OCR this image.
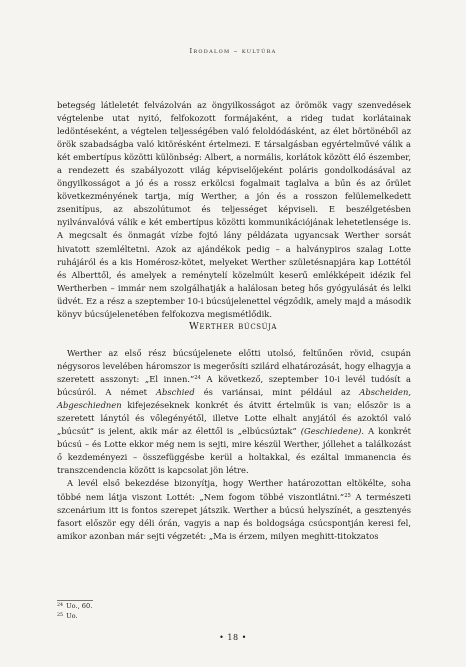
Irodalom – kultúra

betegség látleletét felvázolván az öngyilkosságot az örömök vagy szenvedések végtelenbe utat nyitó, felfokozott formájaként, a rideg tudat korlátainak ledöntéseként, a végtelen teljességében való feloldódásként, az élet börtönéből az örök szabadságba való kitörésként értelmezi. E társalgásban egyértelművé válik a két embertípus közötti különbség: Albert, a normális, korlátok között élő észember, a rendezett és szabályozott világ képviselőjeként poláris gondolkodásával az öngyilkosságot a jó és a rossz erkölcsi fogalmait taglalva a bűn és az őrület következményének tartja, míg Werther, a jón és a rosszon felülemelkedett zsenitípus, az abszolútumot és teljességet képviseli. E beszélgetésben nyilvánvalóvá válik e két embertípus közötti kommunikációjának lehetetlensége is. A megcsalt és önmagát vízbe fojtó lány példázata ugyancsak Werther sorsát hivatott szemléltetni. Azok az ajándékok pedig – a halványpiros szalag Lotte ruhájáról és a kis Homérosz-kötet, melyeket Werther születésnapjára kap Lottétól és Alberttől, és amelyek a reménytelí közelmúlt keserű emlékképeit idézik fel Wertherben – immár nem szolgálhatják a halálosan beteg hős gyógyulását és lelki üdvét. Ez a rész a szeptember 10-i búcsújelenettel végződik, amely majd a második könyv búcsújelenetében felfokozva megismétlődik.

Werther búcsúja

Werther az első rész búcsújelenete előtti utolsó, feltűnően rövid, csupán négysoros levelében háromszor is megerősíti szilárd elhatározását, hogy elhagyja a szeretett asszonyt: „El innen.”$^{24}$ A következő, szeptember 10-i levél tudósít a búcsúról. A német Abschied és variánsai, mint például az Abscheiden, Abgeschiednen kifejezéseknek konkrét és átvitt értelmük is van; először is a szeretett lánytól és vőlegényétől, illetve Lotte elhalt anyjától és azoktól való „búcsút” is jelent, akik már az élettől is „elbúcsúztak” (Geschiedene). A konkrét búcsú – és Lotte ekkor még nem is sejti, mire készül Werther, jóllehet a találkozást ő kezdeményezi – összefüggésbe kerül a holtakkal, és ezáltal immanencia és transzcendencia között is kapcsolat jön létre.

A levél első bekezdése bizonyítja, hogy Werther határozottan eltökélte, soha többé nem látja viszont Lottét: „Nem fogom többé viszontlátni.”$^{25}$ A természeti szcenárium itt is fontos szerepet játszik. Werther a búcsú helyszínét, a gesztenyés fasort először egy déli órán, vagyis a nap és boldogsága csúcspontján keresi fel, amikor azonban már sejti végzetét: „Ma is érzem, milyen meghitt-titokzatos

$^{24}$ Uo., 60.
$^{25}$ Uo.
• 18 •
